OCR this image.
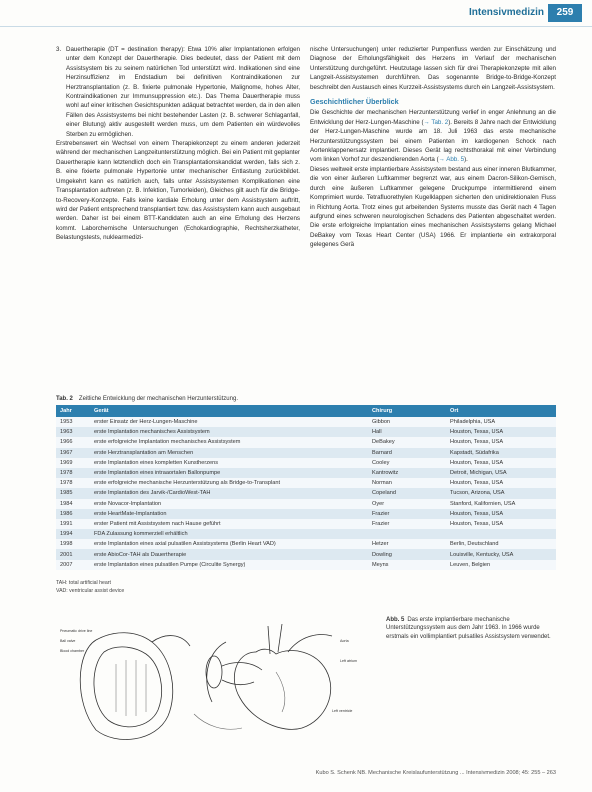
Intensivmedizin	259
3. Dauertherapie (DT = destination therapy): Etwa 10% aller Implantationen erfolgen unter dem Konzept der Dauertherapie. Dies bedeutet, dass der Patient mit dem Assistsystem bis zu seinem natürlichen Tod unterstützt wird. Indikationen sind eine Herzinsuffizienz im Endstadium bei definitiven Kontraindikationen zur Herztransplantation (z. B. fixierte pulmonale Hypertonie, Malignome, hohes Alter, Kontraindikationen zur Immunsuppression etc.). Das Thema Dauertherapie muss wohl auf einer kritischen Gesichtspunkten adäquat betrachtet werden, da in den allen Fällen des Assistsystems bei nicht bestehender Lasten (z. B. schwerer Schlaganfall, einer Blutung) aktiv ausgestellt werden muss, um dem Patienten ein würdevolles Sterben zu ermöglichen.

Erstrebenswert ein Wechsel von einem Therapiekonzept zu einem anderen jederzeit während der mechanischen Langzeitunterstützung möglich. Bei ein Patient mit geplanter Dauertherapie kann letztendlich doch ein Transplantationskandidat werden, falls sich z. B. eine fixierte pulmonale Hypertonie unter mechanischer Entlastung zurückbildet. Umgekehrt kann es natürlich auch, falls unter Assistsystemen Komplikationen eine Transplantation auftreten (z. B. Infektion, Tumorleiden), Gleiches gilt auch für die Bridge-to-Recovery-Konzepte. Falls keine kardiale Erholung unter dem Assistsystem auftritt, wird der Patient entsprechend transplantiert bzw. das Assistsystem kann auch ausgebaut werden. Daher ist bei einem BTT-Kandidaten auch an eine Erholung des Herzens kommt. Laborchemische Untersuchungen (Echokardiographie, Rechtsherzkatheter, Belastungstests, nuklearmedizi-

nische Untersuchungen) unter reduzierter Pumpenfluss werden zur Einschätzung und Diagnose der Erholungsfähigkeit des Herzens im Verlauf der mechanischen Unterstützung durchgeführt. Heutzutage lassen sich für drei Therapiekonzepte mit allen Langzeit-Assistsystemen durchführen. Das sogenannte Bridge-to-Bridge-Konzept beschreibt den Austausch eines Kurzzeit-Assistsystems durch ein Langzeit-Assistsystem.

Geschichtlicher Überblick

Die Geschichte der mechanischen Herzunterstützung verlief in enger Anlehnung an die Entwicklung der Herz-Lungen-Maschine (→ Tab. 2). Bereits 8 Jahre nach der Entwicklung der Herz-Lungen-Maschine wurde am 18. Juli 1963 das erste mechanische Herzunterstützungssystem bei einem Patienten im kardiogenen Schock nach Aortenklappenersatz implantiert. Dieses Gerät lag rechtsthorakal mit einer Verbindung vom linken Vorhof zur deszendierenden Aorta (→ Abb. 5).

Dieses weltweit erste implantierbare Assistsystem bestand aus einer inneren Blutkammer, die von einer äußeren Luftkammer begrenzt war, aus einem Dacron-Silikon-Gemisch, durch eine äußeren Luftkammer gelegene Druckpumpe intermittierend einem Komprimiert wurde. Tetrafluorethylen Kugelklappen sicherten den unidirektionalen Fluss in Richtung Aorta. Trotz eines gut arbeitenden Systems musste das Gerät nach 4 Tagen aufgrund eines schweren neurologischen Schadens des Patienten abgeschaltet werden. Die erste erfolgreiche Implantation eines mechanischen Assistsystems gelang Michael DeBakey vom Texas Heart Center (USA) 1966. Er implantierte ein extrakorporal gelegenes Gerä

Tab. 2 Zeitliche Entwicklung der mechanischen Herzunterstützung.
Jahr	Gerät	Chirurg	Ort
1953	erster Einsatz der Herz-Lungen-Maschine	Gibbon	Philadelphia, USA
1963	erste Implantation mechanisches Assistsystem	Hall	Houston, Texas, USA
1966	erste erfolgreiche Implantation mechanisches Assistsystem	DeBakey	Houston, Texas, USA
1967	erste Herztransplantation am Menschen	Barnard	Kapstadt, Südafrika
1969	erste Implantation eines kompletten Kunstherzens	Cooley	Houston, Texas, USA
1978	erste Implantation eines intraaortalen Ballonpumpe	Kantrowitz	Detroit, Michigan, USA
1978	erste erfolgreiche mechanische Herzunterstützung als Bridge-to-Transplant	Norman	Houston, Texas, USA
1985	erste Implantation des Jarvik-/CardioWest-TAH	Copeland	Tucson, Arizona, USA
1984	erste Novacor-Implantation	Oyer	Stanford, Kalifornien, USA
1986	erste HeartMate-Implantation	Frazier	Houston, Texas, USA
1991	erster Patient mit Assistsystem nach Hause geführt	Frazier	Houston, Texas, USA
1994	FDA Zulassung kommerziell erhältlich		
1998	erste Implantation eines axial pulsatilen Assistsystems (Berlin Heart VAD)	Hetzer	Berlin, Deutschland
2001	erste AbioCor-TAH als Dauertherapie	Dowling	Louisville, Kentucky, USA
2007	erste Implantation eines pulsatilen Pumpe (Circulite Synergy)	Meyns	Leuven, Belgien
TAH: total artificial heart
VAD: ventricular assist device
Pneumatic drive line
Ball valve
Blood chamber
Aorta
Left atrium
Left ventricle
Abb. 5 Das erste implantierbare mechanische Unterstützungssystem aus dem Jahr 1963. In 1966 wurde erstmals ein vollimplantiert pulsatiles Assistsystem verwendet.
Kubo S. Schenk NB. Mechanische Kreislaufunterstützung ... Intensivmedizin 2008; 45: 255 – 263
